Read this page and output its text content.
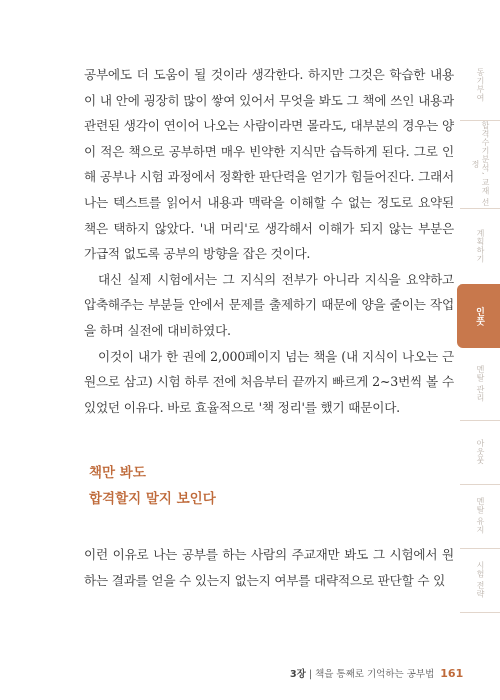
공부에도 더 도움이 될 것이라 생각한다. 하지만 그것은 학습한 내용이 내 안에 굉장히 많이 쌓여 있어서 무엇을 봐도 그 책에 쓰인 내용과 관련된 생각이 연이어 나오는 사람이라면 몰라도, 대부분의 경우는 양이 적은 책으로 공부하면 매우 빈약한 지식만 습득하게 된다. 그로 인해 공부나 시험 과정에서 정확한 판단력을 얻기가 힘들어진다. 그래서 나는 텍스트를 읽어서 내용과 맥락을 이해할 수 없는 정도로 요약된 책은 택하지 않았다. '내 머리'로 생각해서 이해가 되지 않는 부분은 가급적 없도록 공부의 방향을 잡은 것이다.

대신 실제 시험에서는 그 지식의 전부가 아니라 지식을 요약하고 압축해주는 부분들 안에서 문제를 출제하기 때문에 양을 줄이는 작업을 하며 실전에 대비하였다.

이것이 내가 한 권에 2,000페이지 넘는 책을 (내 지식이 나오는 근원으로 삼고) 시험 하루 전에 처음부터 끝까지 빠르게 2~3번씩 볼 수 있었던 이유다. 바로 효율적으로 '책 정리'를 했기 때문이다.

책만 봐도
합격할지 말지 보인다

이런 이유로 나는 공부를 하는 사람의 주교재만 봐도 그 시험에서 원하는 결과를 얻을 수 있는지 없는지 여부를 대략적으로 판단할 수 있

3장 | 책을 통째로 기억하는 공부법 161
동기부여
합격수기분석, 교재 선정
계획하기
인풋
멘탈 관리
아웃풋
멘탈 유지
시험 전략
